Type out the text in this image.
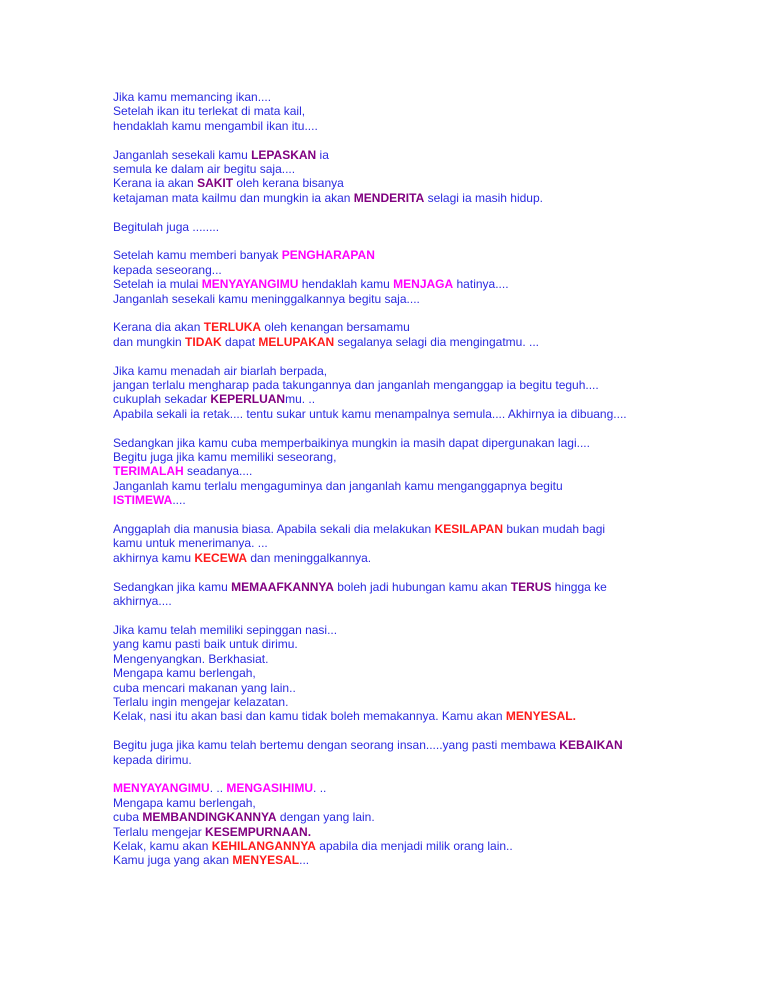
Jika kamu memancing ikan....
Setelah ikan itu terlekat di mata kail,
hendaklah kamu mengambil ikan itu....
Janganlah sesekali kamu LEPASKAN ia
semula ke dalam air begitu saja....
Kerana ia akan SAKIT oleh kerana bisanya
ketajaman mata kailmu dan mungkin ia akan MENDERITA selagi ia masih hidup.
Begitulah juga ........
Setelah kamu memberi banyak PENGHARAPAN
kepada seseorang...
Setelah ia mulai MENYAYANGIMU hendaklah kamu MENJAGA hatinya....
Janganlah sesekali kamu meninggalkannya begitu saja....
Kerana dia akan TERLUKA oleh kenangan bersamamu
dan mungkin TIDAK dapat MELUPAKAN segalanya selagi dia mengingatmu. ...
Jika kamu menadah air biarlah berpada,
jangan terlalu mengharap pada takungannya dan janganlah menganggap ia begitu teguh....
cukuplah sekadar KEPERLUANmu. ..
Apabila sekali ia retak.... tentu sukar untuk kamu menampalnya semula.... Akhirnya ia dibuang....
Sedangkan jika kamu cuba memperbaikinya mungkin ia masih dapat dipergunakan lagi....
Begitu juga jika kamu memiliki seseorang,
TERIMALAH seadanya....
Janganlah kamu terlalu mengaguminya dan janganlah kamu menganggapnya begitu
ISTIMEWA....
Anggaplah dia manusia biasa. Apabila sekali dia melakukan KESILAPAN bukan mudah bagi
kamu untuk menerimanya. ...
akhirnya kamu KECEWA dan meninggalkannya.
Sedangkan jika kamu MEMAAFKANNYA boleh jadi hubungan kamu akan TERUS hingga ke
akhirnya....
Jika kamu telah memiliki sepinggan nasi...
yang kamu pasti baik untuk dirimu.
Mengenyangkan. Berkhasiat.
Mengapa kamu berlengah,
cuba mencari makanan yang lain..
Terlalu ingin mengejar kelazatan.
Kelak, nasi itu akan basi dan kamu tidak boleh memakannya. Kamu akan MENYESAL.
Begitu juga jika kamu telah bertemu dengan seorang insan.....yang pasti membawa KEBAIKAN
kepada dirimu.
MENYAYANGIMU. .. MENGASIHIMU. ..
Mengapa kamu berlengah,
cuba MEMBANDINGKANNYA dengan yang lain.
Terlalu mengejar KESEMPURNAAN.
Kelak, kamu akan KEHILANGANNYA apabila dia menjadi milik orang lain..
Kamu juga yang akan MENYESAL...
